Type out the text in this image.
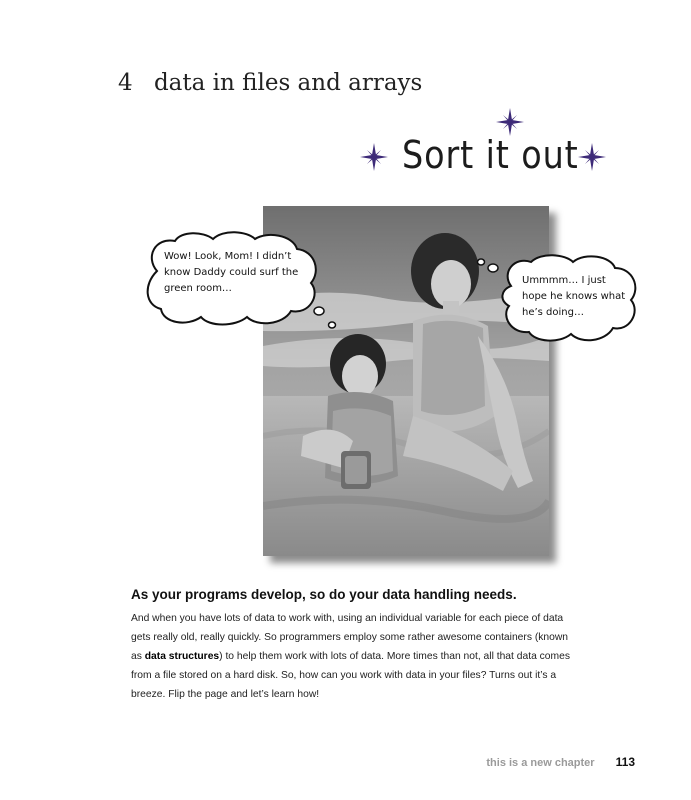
4 data in files and arrays
Sort it out
Wow! Look, Mom! I didn’t know Daddy could surf the green room…
Ummmm… I just hope he knows what he’s doing…

As your programs develop, so do your data handling needs.

And when you have lots of data to work with, using an individual variable for each piece of data gets really old, really quickly. So programmers employ some rather awesome containers (known as data structures) to help them work with lots of data. More times than not, all that data comes from a file stored on a hard disk. So, how can you work with data in your files? Turns out it’s a breeze. Flip the page and let’s learn how!

this is a new chapter 113
